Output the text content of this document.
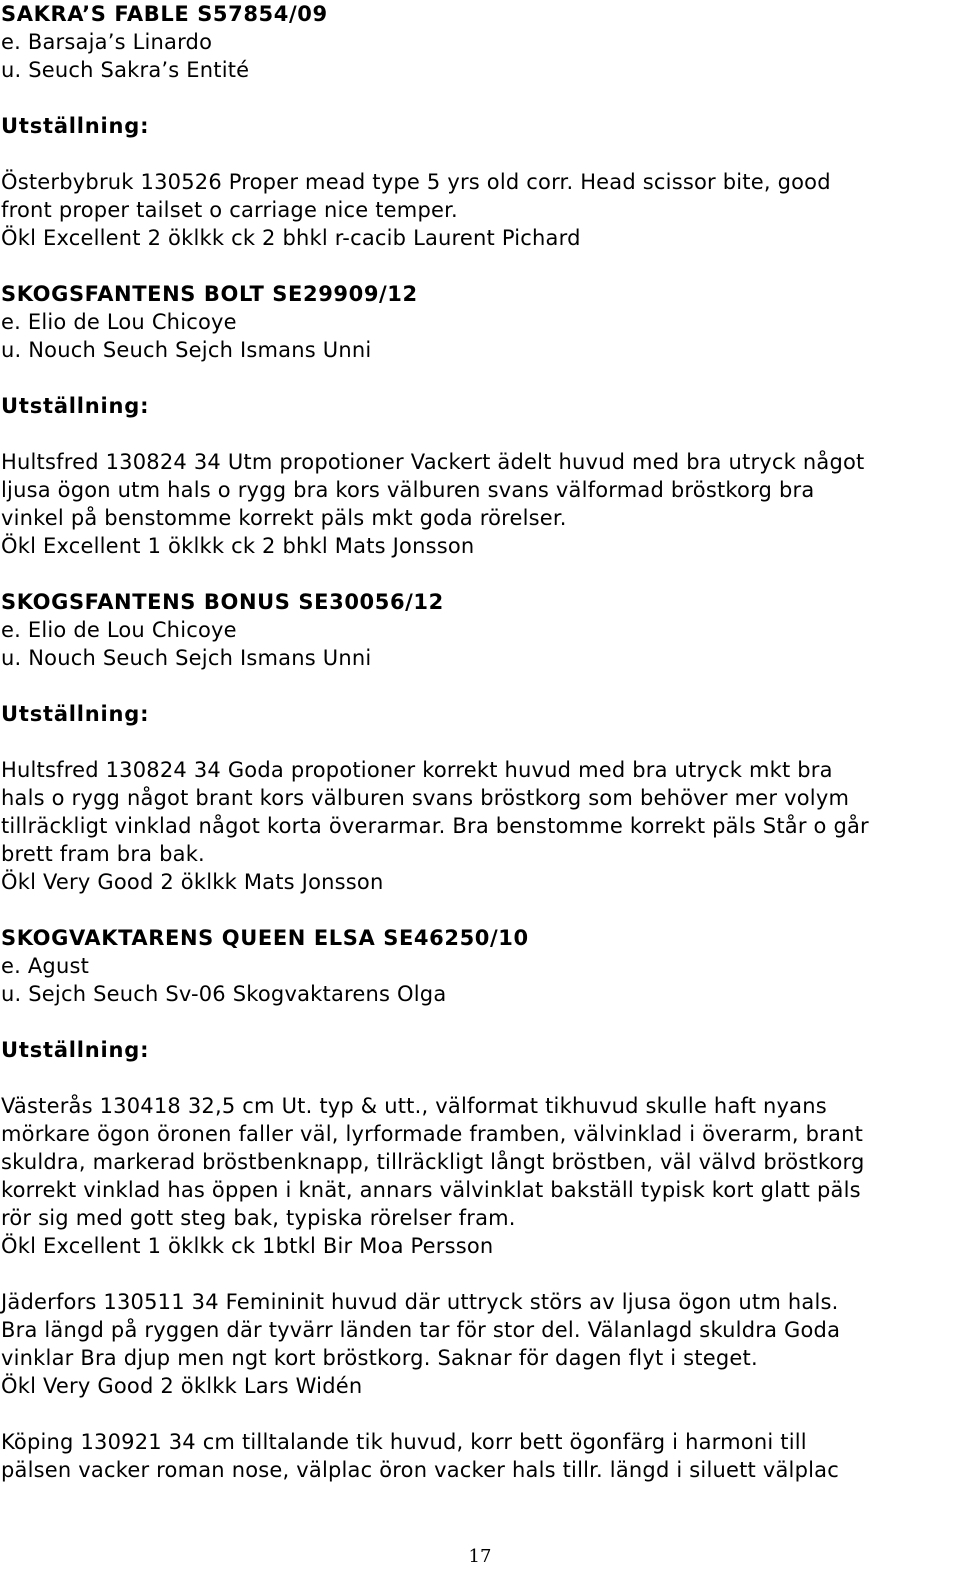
SAKRA’S FABLE S57854/09
e. Barsaja’s Linardo
u. Seuch Sakra’s Entité
Utställning:
Österbybruk 130526 Proper mead type 5 yrs old corr. Head scissor bite, good
front proper tailset o carriage nice temper.
Ökl Excellent 2 öklkk ck 2 bhkl r-cacib Laurent Pichard
SKOGSFANTENS BOLT SE29909/12
e. Elio de Lou Chicoye
u. Nouch Seuch Sejch Ismans Unni
Utställning:
Hultsfred 130824 34 Utm propotioner Vackert ädelt huvud med bra utryck något
ljusa ögon utm hals o rygg bra kors välburen svans välformad bröstkorg bra
vinkel på benstomme korrekt päls mkt goda rörelser.
Ökl Excellent 1 öklkk ck 2 bhkl Mats Jonsson
SKOGSFANTENS BONUS SE30056/12
e. Elio de Lou Chicoye
u. Nouch Seuch Sejch Ismans Unni
Utställning:
Hultsfred 130824 34 Goda propotioner korrekt huvud med bra utryck mkt bra
hals o rygg något brant kors välburen svans bröstkorg som behöver mer volym
tillräckligt vinklad något korta överarmar. Bra benstomme korrekt päls Står o går
brett fram bra bak.
Ökl Very Good 2 öklkk Mats Jonsson
SKOGVAKTARENS QUEEN ELSA SE46250/10
e. Agust
u. Sejch Seuch Sv-06 Skogvaktarens Olga
Utställning:
Västerås 130418 32,5 cm Ut. typ & utt., välformat tikhuvud skulle haft nyans
mörkare ögon öronen faller väl, lyrformade framben, välvinklad i överarm, brant
skuldra, markerad bröstbenknapp, tillräckligt långt bröstben, väl välvd bröstkorg
korrekt vinklad has öppen i knät, annars välvinklat bakställ typisk kort glatt päls
rör sig med gott steg bak, typiska rörelser fram.
Ökl Excellent 1 öklkk ck 1btkl Bir Moa Persson
Jäderfors 130511 34 Femininit huvud där uttryck störs av ljusa ögon utm hals.
Bra längd på ryggen där tyvärr länden tar för stor del. Välanlagd skuldra Goda
vinklar Bra djup men ngt kort bröstkorg. Saknar för dagen flyt i steget.
Ökl Very Good 2 öklkk Lars Widén
Köping 130921 34 cm tilltalande tik huvud, korr bett ögonfärg i harmoni till
pälsen vacker roman nose, välplac öron vacker hals tillr. längd i siluett välplac
17
